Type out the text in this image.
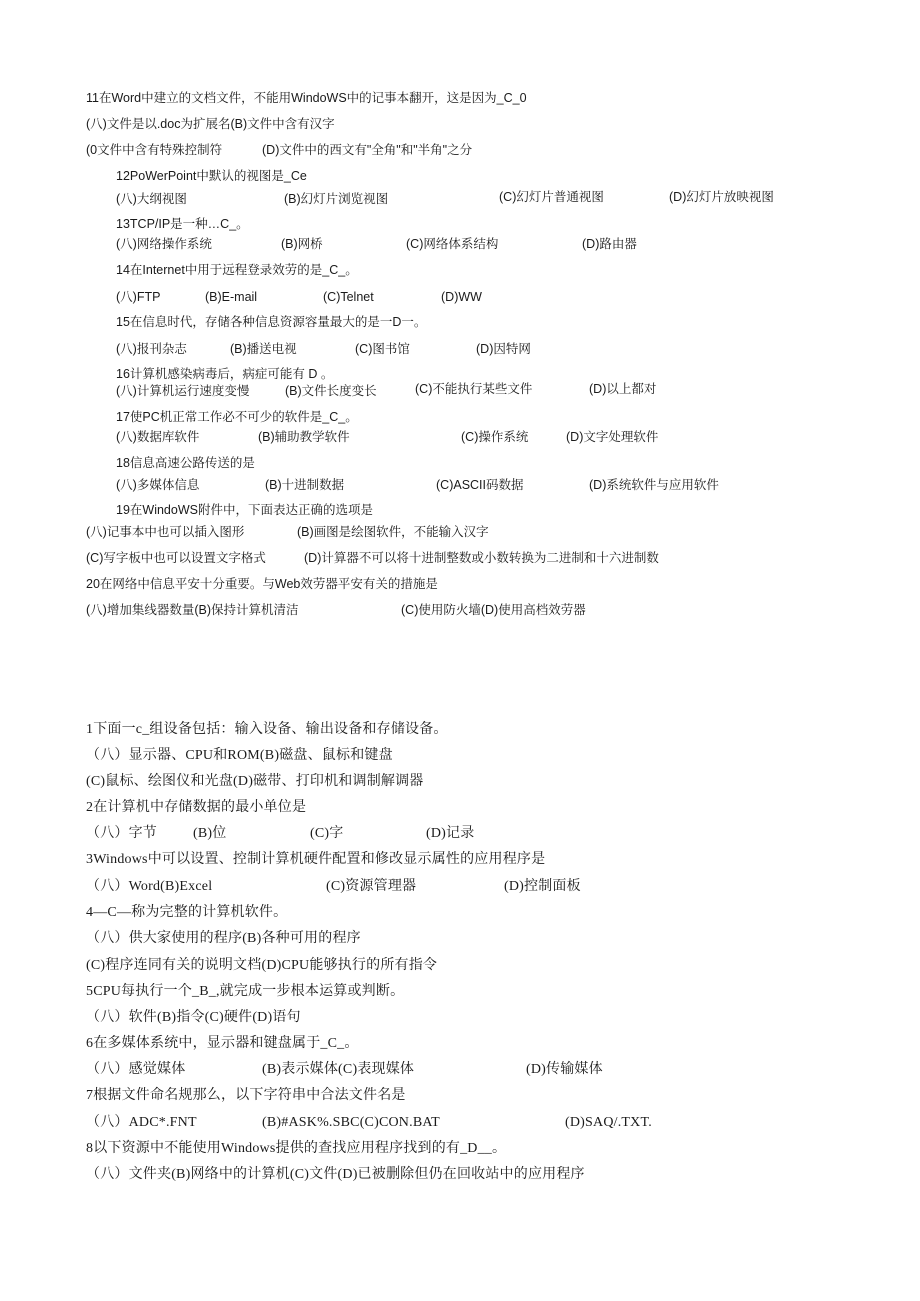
11在Word中建立的文档文件，不能用WindoWS中的记事本翻开，这是因为_C_0
(八)文件是以.doc为扩展名(B)文件中含有汉字
(0文件中含有特殊控制符	(D)文件中的西文有"全角"和"半角"之分
12PoWerPoint中默认的视图是_Ce
(八)大纲视图	(B)幻灯片浏览视图	(C)幻灯片普通视图	(D)幻灯片放映视图
13TCP/IP是一种…C_。
(八)网络操作系统	(B)网桥	(C)网络体系结构	(D)路由器
14在Internet中用于远程登录效劳的是_C_。
(八)FTP	(B)E-mail	(C)Telnet	(D)WW
15在信息时代，存储各种信息资源容量最大的是一D一。
(八)报刊杂志	(B)播送电视	(C)图书馆	(D)因特网
16计算机感染病毒后，病症可能有 D 。
(八)计算机运行速度变慢	(B)文件长度变长	(C)不能执行某些文件	(D)以上都对
17使PC机正常工作必不可少的软件是_C_。
(八)数据库软件	(B)辅助教学软件	(C)操作系统	(D)文字处理软件
18信息高速公路传送的是
(八)多媒体信息	(B)十进制数据	(C)ASCII码数据	(D)系统软件与应用软件
19在WindoWS附件中，下面表达正确的选项是
(八)记事本中也可以插入图形	(B)画图是绘图软件，不能输入汉字
(C)写字板中也可以设置文字格式	(D)计算器不可以将十进制整数或小数转换为二进制和十六进制数
20在网络中信息平安十分重要。与Web效劳器平安有关的措施是
(八)增加集线器数量(B)保持计算机清洁	(C)使用防火墙(D)使用高档效劳器
1下面一c_组设备包括：输入设备、输出设备和存储设备。
（八）显示器、CPU和ROM(B)磁盘、鼠标和键盘
(C)鼠标、绘图仪和光盘(D)磁带、打印机和调制解调器
2在计算机中存储数据的最小单位是
（八）字节	(B)位	(C)字	(D)记录
3Windows中可以设置、控制计算机硬件配置和修改显示属性的应用程序是
（八）Word(B)Excel	(C)资源管理器	(D)控制面板
4—C—称为完整的计算机软件。
（八）供大家使用的程序(B)各种可用的程序
(C)程序连同有关的说明文档(D)CPU能够执行的所有指令
5CPU每执行一个_B_,就完成一步根本运算或判断。
（八）软件(B)指令(C)硬件(D)语句
6在多媒体系统中，显示器和键盘属于_C_。
（八）感觉媒体	(B)表示媒体(C)表现媒体	(D)传输媒体
7根据文件命名规那么，以下字符串中合法文件名是
（八）ADC*.FNT	(B)#ASK%.SBC(C)CON.BAT	(D)SAQ/.TXT.
8以下资源中不能使用Windows提供的查找应用程序找到的有_D__。
（八）文件夹(B)网络中的计算机(C)文件(D)已被删除但仍在回收站中的应用程序
